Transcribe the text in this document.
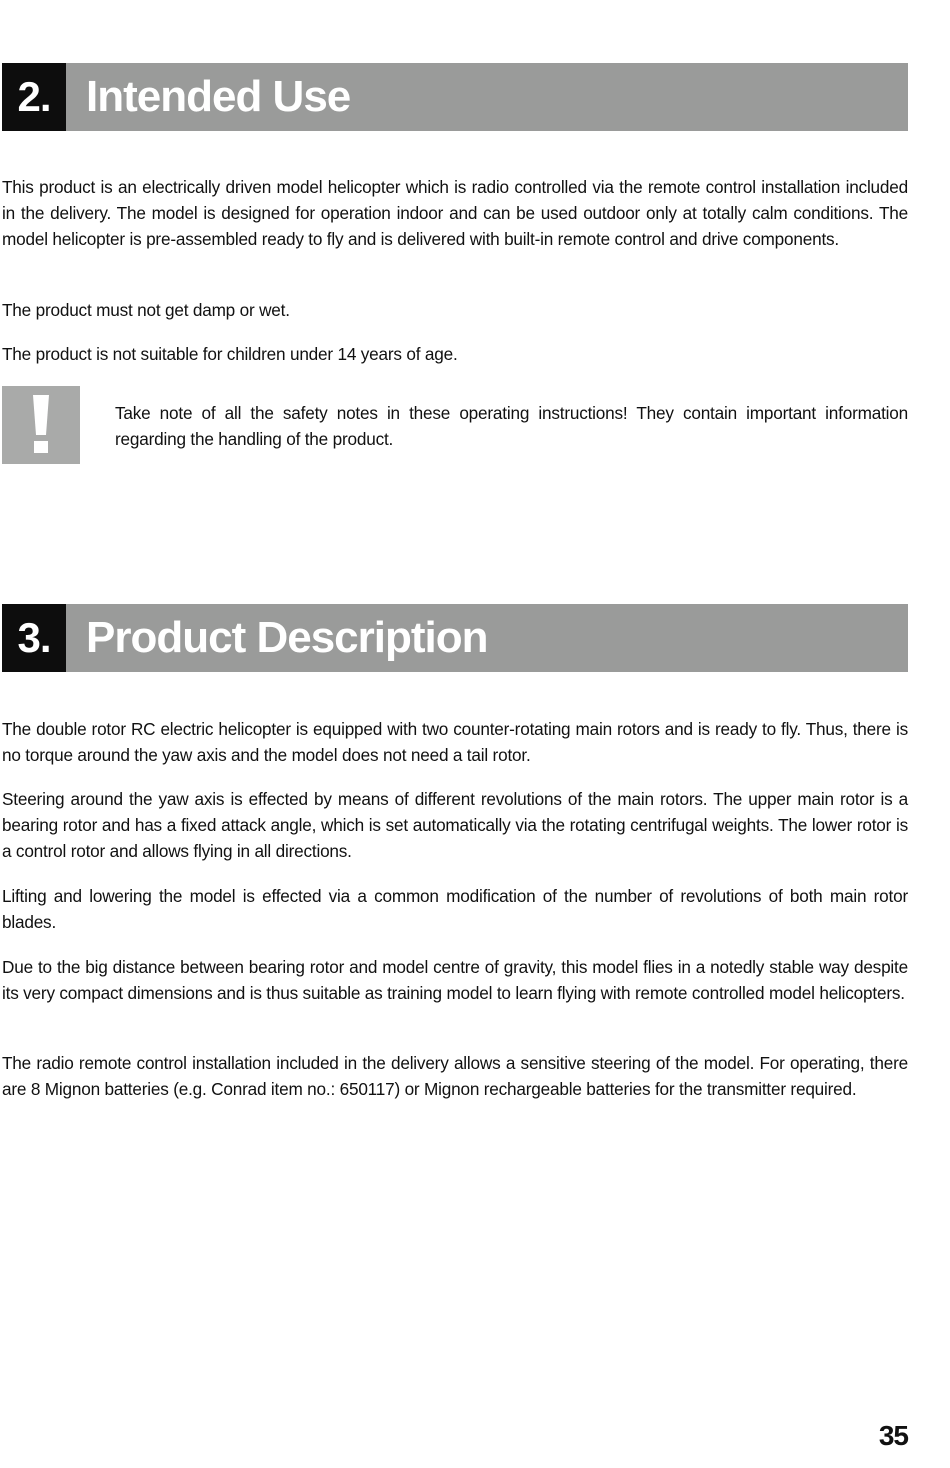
2. Intended Use

This product is an electrically driven model helicopter which is radio controlled via the remote control installation included in the delivery. The model is designed for operation indoor and can be used outdoor only at totally calm conditions. The model helicopter is pre-assembled ready to fly and is delivered with built-in remote control and drive components.

The product must not get damp or wet.

The product is not suitable for children under 14 years of age.

Take note of all the safety notes in these operating instructions! They contain important information regarding the handling of the product.

3. Product Description

The double rotor RC electric helicopter is equipped with two counter-rotating main rotors and is ready to fly. Thus, there is no torque around the yaw axis and the model does not need a tail rotor.

Steering around the yaw axis is effected by means of different revolutions of the main rotors. The upper main rotor is a bearing rotor and has a fixed attack angle, which is set automatically via the rotating centrifugal weights. The lower rotor is a control rotor and allows flying in all directions.

Lifting and lowering the model is effected via a common modification of the number of revolutions of both main rotor blades.

Due to the big distance between bearing rotor and model centre of gravity, this model flies in a notedly stable way despite its very compact dimensions and is thus suitable as training model to learn flying with remote controlled model helicopters.

The radio remote control installation included in the delivery allows a sensitive steering of the model. For operating, there are 8 Mignon batteries (e.g. Conrad item no.: 650117) or Mignon rechargeable batteries for the transmitter required.

35
